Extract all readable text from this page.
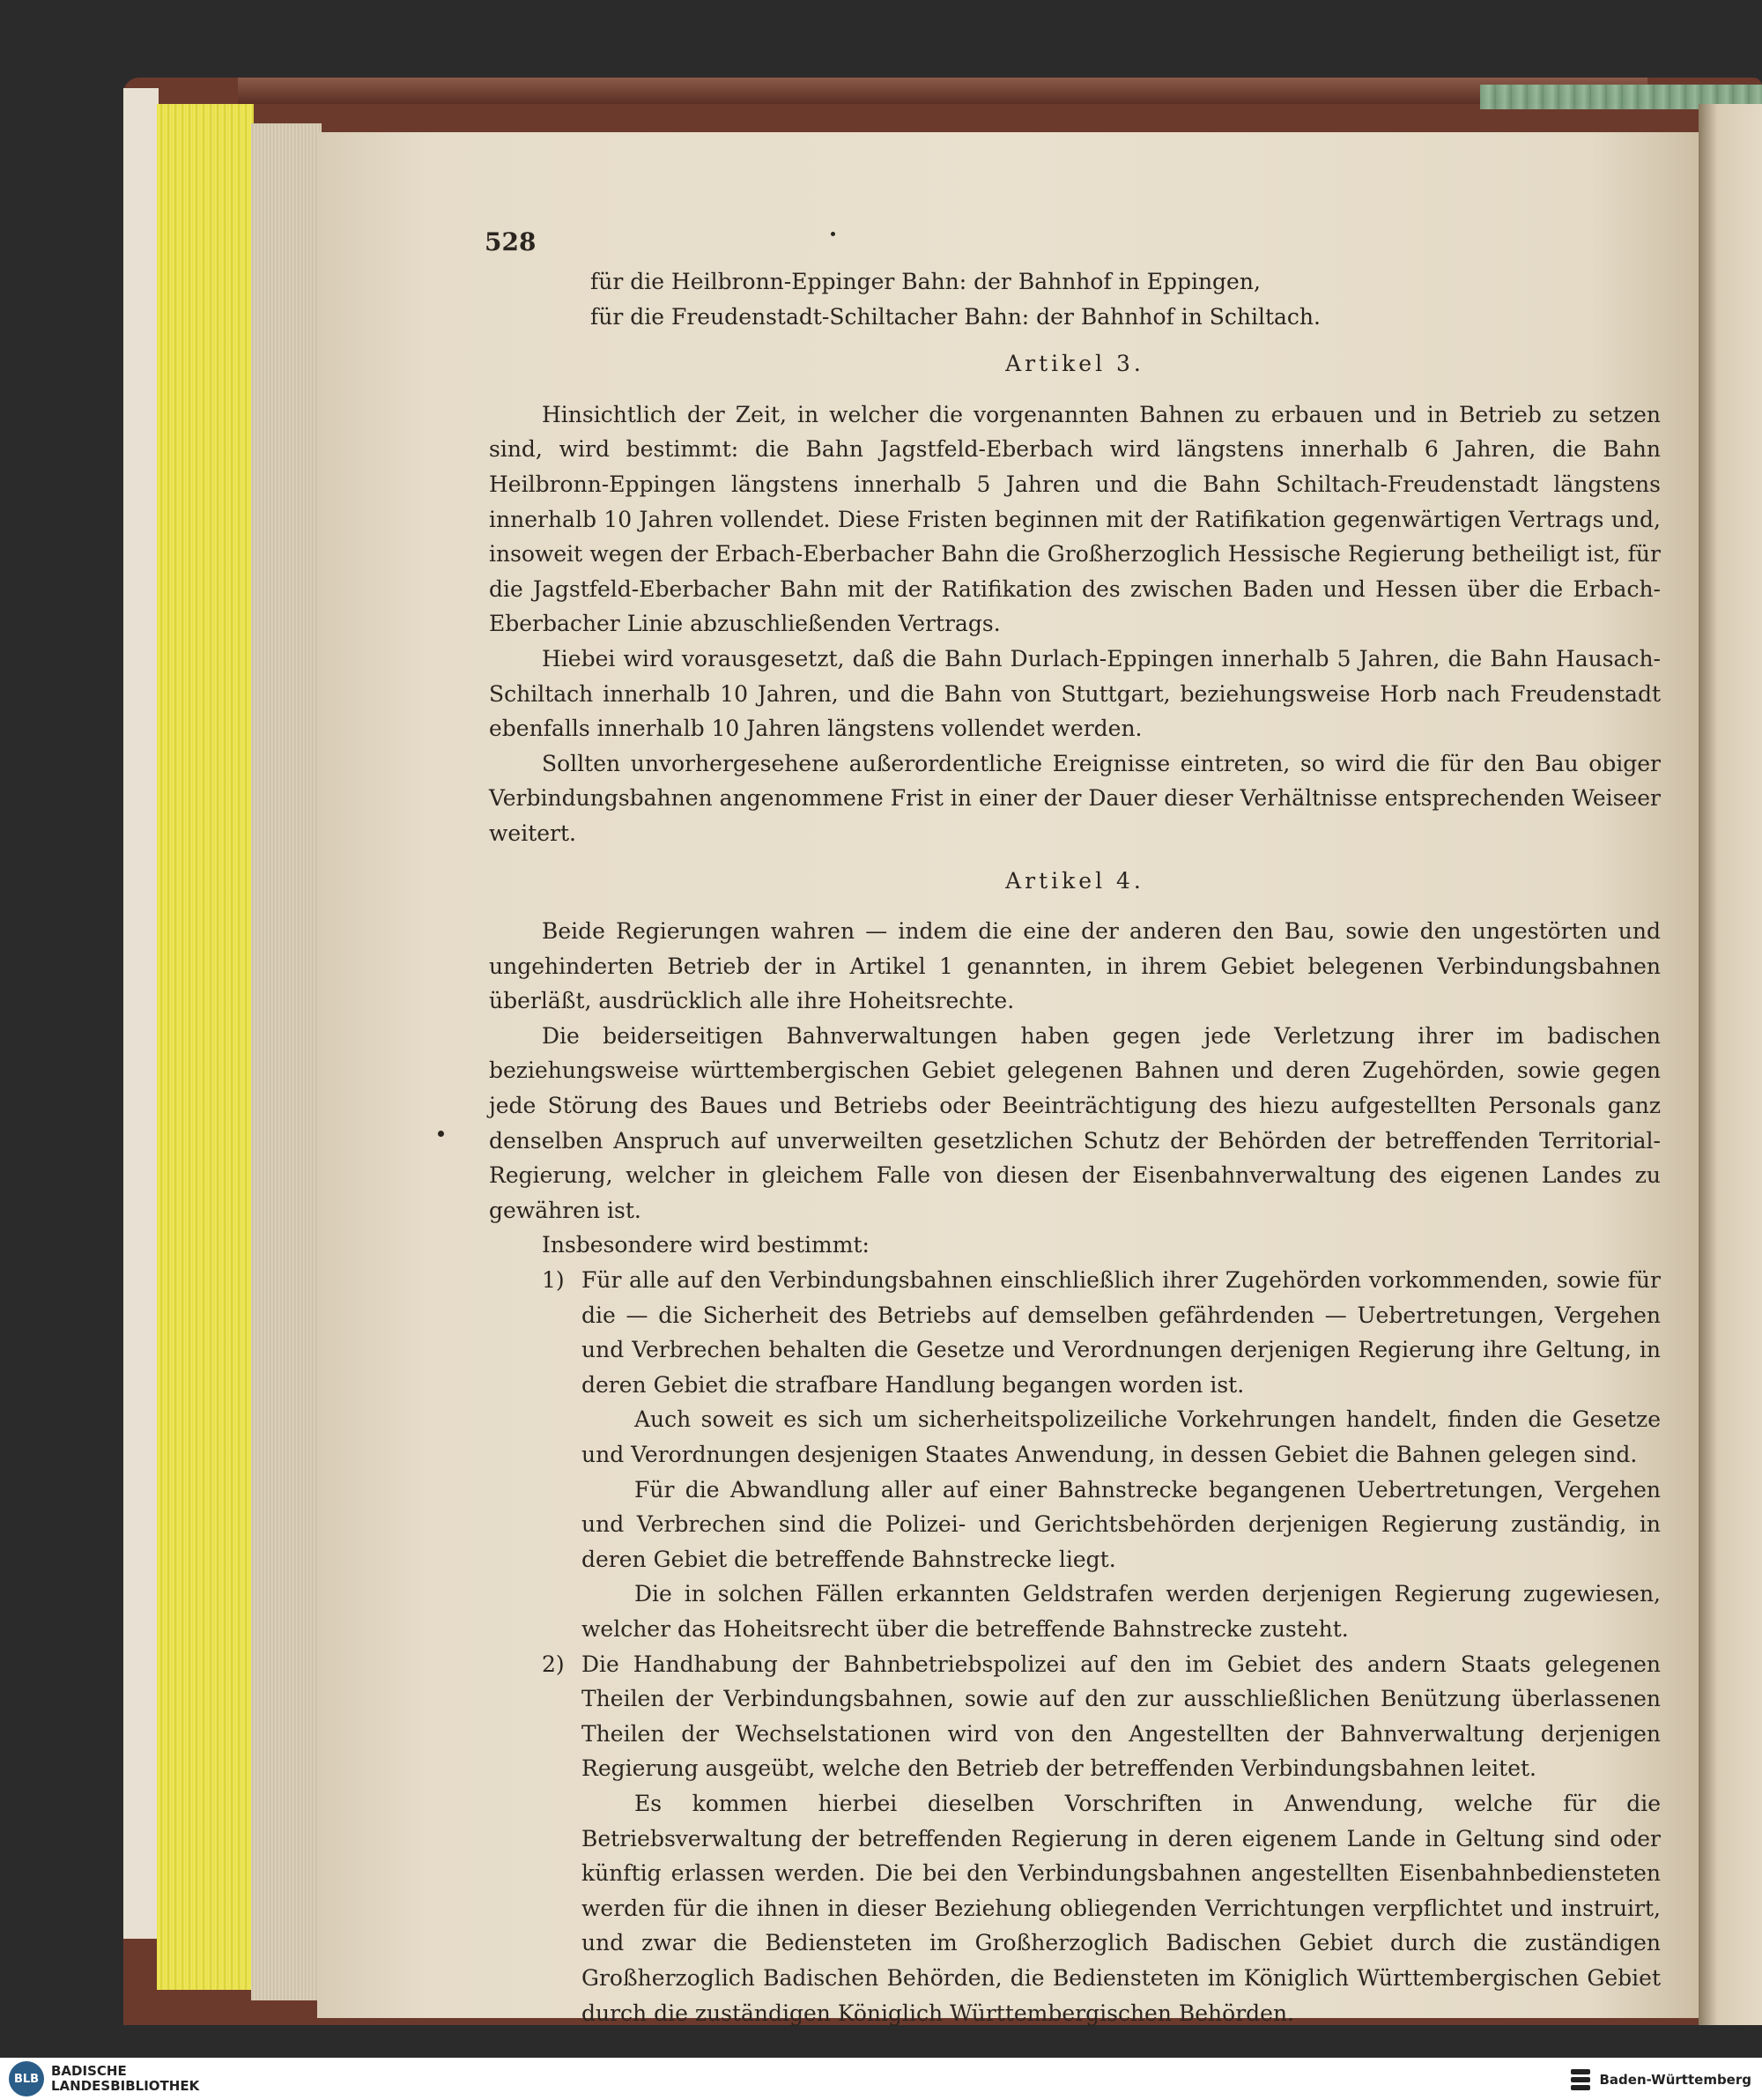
528

für die Heilbronn-Eppinger Bahn: der Bahnhof in Eppingen,

für die Freudenstadt-Schiltacher Bahn: der Bahnhof in Schiltach.

Artikel 3.

Hinsichtlich der Zeit, in welcher die vorgenannten Bahnen zu erbauen und in Betrieb zu setzen sind, wird bestimmt: die Bahn Jagstfeld-Eberbach wird längstens innerhalb 6 Jahren, die Bahn Heilbronn-Eppingen längstens innerhalb 5 Jahren und die Bahn Schiltach-Freudenstadt längstens innerhalb 10 Jahren vollendet. Diese Fristen beginnen mit der Ratifikation gegenwärtigen Vertrags und, insoweit wegen der Erbach-Eberbacher Bahn die Großherzoglich Hessische Regierung betheiligt ist, für die Jagstfeld-Eberbacher Bahn mit der Ratifikation des zwischen Baden und Hessen über die Erbach-Eberbacher Linie abzuschließenden Vertrags.

Hiebei wird vorausgesetzt, daß die Bahn Durlach-Eppingen innerhalb 5 Jahren, die Bahn Hausach-Schiltach innerhalb 10 Jahren, und die Bahn von Stuttgart, beziehungsweise Horb nach Freudenstadt ebenfalls innerhalb 10 Jahren längstens vollendet werden.

Sollten unvorhergesehene außerordentliche Ereignisse eintreten, so wird die für den Bau obiger Verbindungsbahnen angenommene Frist in einer der Dauer dieser Verhältnisse entsprechenden Weiseer weitert.

Artikel 4.

Beide Regierungen wahren — indem die eine der anderen den Bau, sowie den ungestörten und ungehinderten Betrieb der in Artikel 1 genannten, in ihrem Gebiet belegenen Verbindungsbahnen überläßt, ausdrücklich alle ihre Hoheitsrechte.

Die beiderseitigen Bahnverwaltungen haben gegen jede Verletzung ihrer im badischen beziehungsweise württembergischen Gebiet gelegenen Bahnen und deren Zugehörden, sowie gegen jede Störung des Baues und Betriebs oder Beeinträchtigung des hiezu aufgestellten Personals ganz denselben Anspruch auf unverweilten gesetzlichen Schutz der Behörden der betreffenden Territorial-Regierung, welcher in gleichem Falle von diesen der Eisenbahnverwaltung des eigenen Landes zu gewähren ist.

Insbesondere wird bestimmt:

1) Für alle auf den Verbindungsbahnen einschließlich ihrer Zugehörden vorkommenden, sowie für die — die Sicherheit des Betriebs auf demselben gefährdenden — Uebertretungen, Vergehen und Verbrechen behalten die Gesetze und Verordnungen derjenigen Regierung ihre Geltung, in deren Gebiet die strafbare Handlung begangen worden ist.

Auch soweit es sich um sicherheitspolizeiliche Vorkehrungen handelt, finden die Gesetze und Verordnungen desjenigen Staates Anwendung, in dessen Gebiet die Bahnen gelegen sind.

Für die Abwandlung aller auf einer Bahnstrecke begangenen Uebertretungen, Vergehen und Verbrechen sind die Polizei- und Gerichtsbehörden derjenigen Regierung zuständig, in deren Gebiet die betreffende Bahnstrecke liegt.

Die in solchen Fällen erkannten Geldstrafen werden derjenigen Regierung zugewiesen, welcher das Hoheitsrecht über die betreffende Bahnstrecke zusteht.

2) Die Handhabung der Bahnbetriebspolizei auf den im Gebiet des andern Staats gelegenen Theilen der Verbindungsbahnen, sowie auf den zur ausschließlichen Benützung überlassenen Theilen der Wechselstationen wird von den Angestellten der Bahnverwaltung derjenigen Regierung ausgeübt, welche den Betrieb der betreffenden Verbindungsbahnen leitet.

Es kommen hierbei dieselben Vorschriften in Anwendung, welche für die Betriebsverwaltung der betreffenden Regierung in deren eigenem Lande in Geltung sind oder künftig erlassen werden. Die bei den Verbindungsbahnen angestellten Eisenbahnbediensteten werden für die ihnen in dieser Beziehung obliegenden Verrichtungen verpflichtet und instruirt, und zwar die Bediensteten im Großherzoglich Badischen Gebiet durch die zuständigen Großherzoglich Badischen Behörden, die Bediensteten im Königlich Württembergischen Gebiet durch die zuständigen Königlich Württembergischen Behörden.

BLB BADISCHE
LANDESBIBLIOTHEK	Baden-Württemberg
